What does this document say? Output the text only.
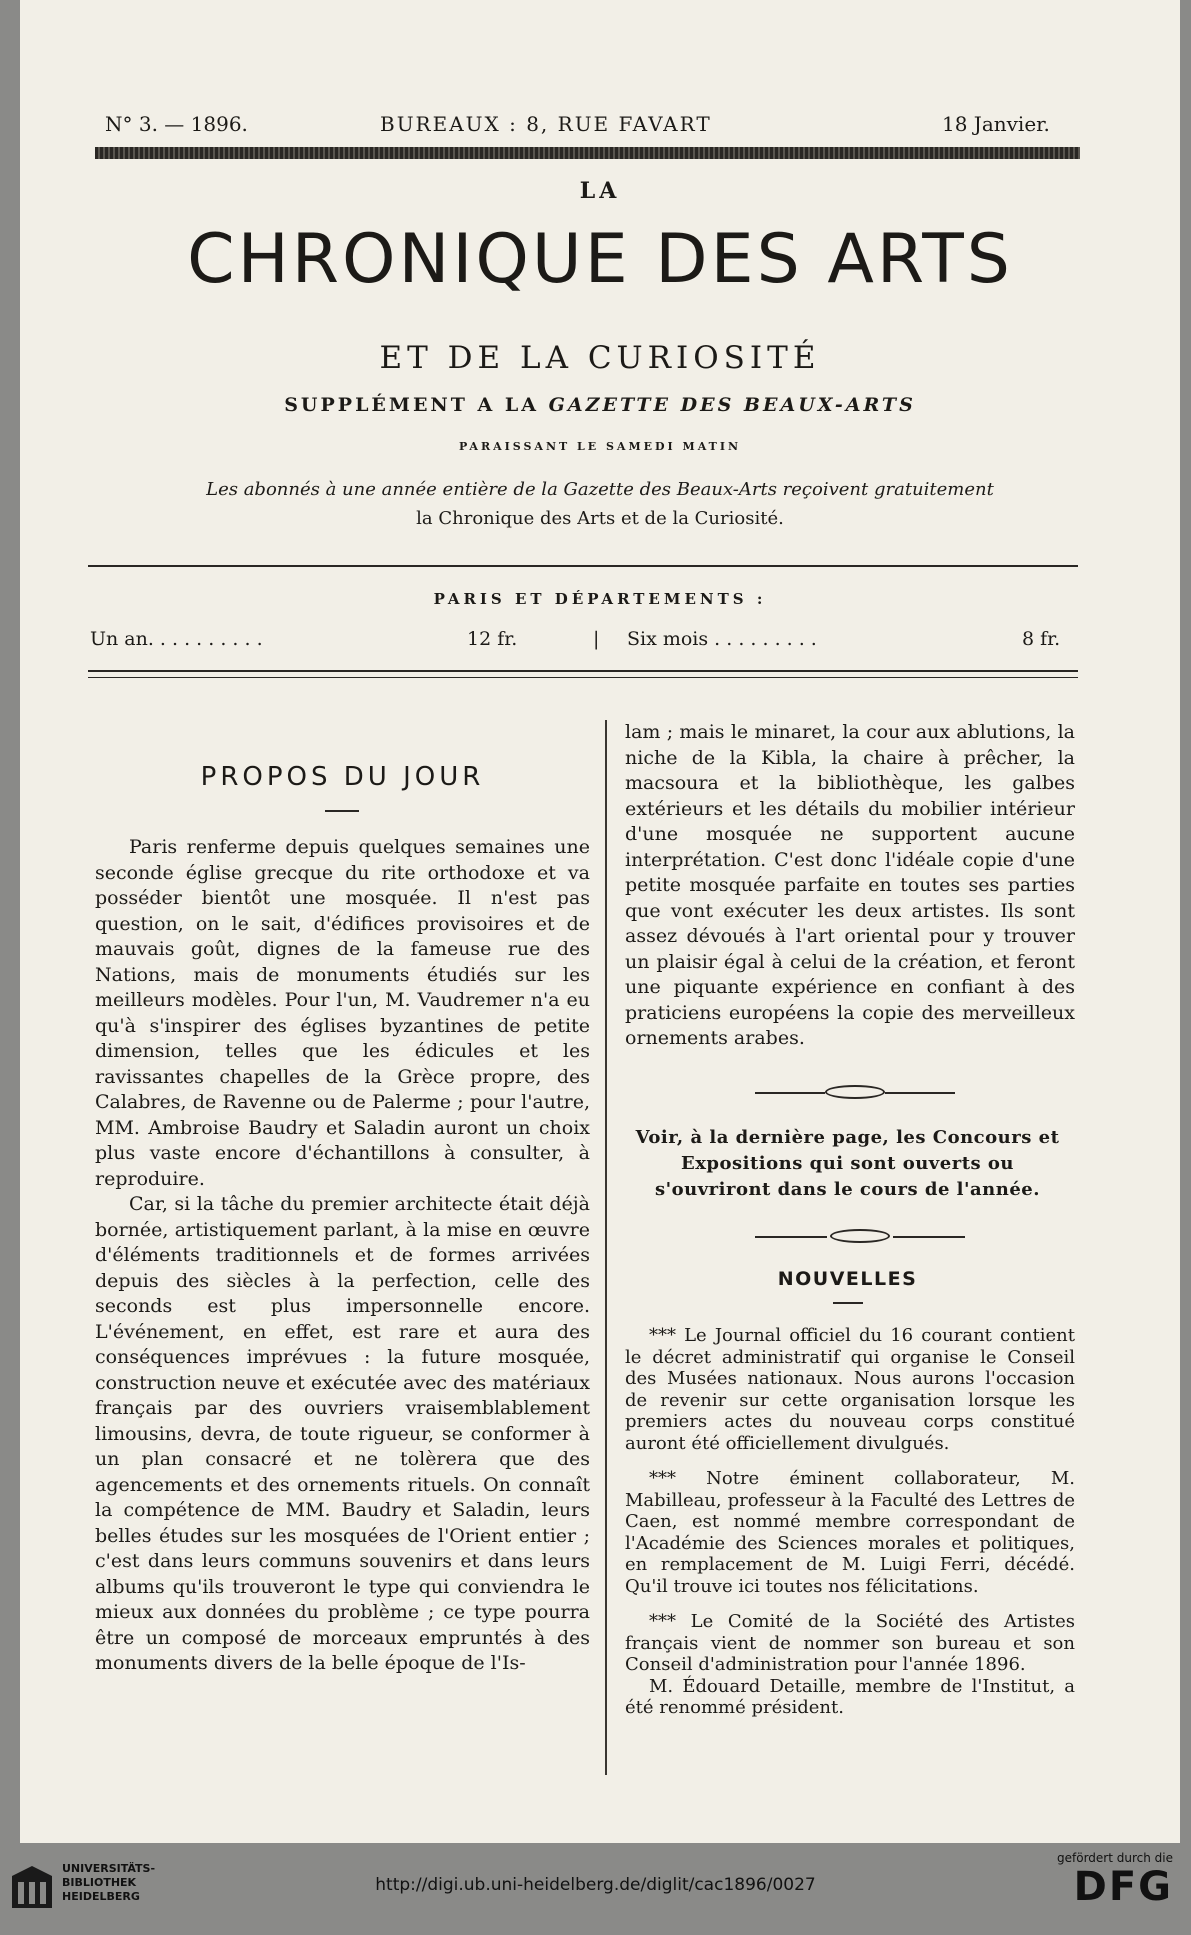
N° 3. — 1896.	BUREAUX : 8, RUE FAVART	18 Janvier.
LA
CHRONIQUE DES ARTS
ET DE LA CURIOSITÉ
SUPPLÉMENT A LA GAZETTE DES BEAUX-ARTS
PARAISSANT LE SAMEDI MATIN
Les abonnés à une année entière de la Gazette des Beaux-Arts reçoivent gratuitement
la Chronique des Arts et de la Curiosité.
PARIS ET DÉPARTEMENTS :
Un an. . . . . . . . . .	12 fr.	| Six mois . . . . . . . . .	8 fr.
PROPOS DU JOUR

Paris renferme depuis quelques semaines une seconde église grecque du rite orthodoxe et va posséder bientôt une mosquée. Il n'est pas question, on le sait, d'édifices provisoires et de mauvais goût, dignes de la fameuse rue des Nations, mais de monuments étudiés sur les meilleurs modèles. Pour l'un, M. Vaudremer n'a eu qu'à s'inspirer des églises byzantines de petite dimension, telles que les édicules et les ravissantes chapelles de la Grèce propre, des Calabres, de Ravenne ou de Palerme ; pour l'autre, MM. Ambroise Baudry et Saladin auront un choix plus vaste encore d'échantillons à consulter, à reproduire.

Car, si la tâche du premier architecte était déjà bornée, artistiquement parlant, à la mise en œuvre d'éléments traditionnels et de formes arrivées depuis des siècles à la perfection, celle des seconds est plus impersonnelle encore. L'événement, en effet, est rare et aura des conséquences imprévues : la future mosquée, construction neuve et exécutée avec des matériaux français par des ouvriers vraisemblablement limousins, devra, de toute rigueur, se conformer à un plan consacré et ne tolèrera que des agencements et des ornements rituels. On connaît la compétence de MM. Baudry et Saladin, leurs belles études sur les mosquées de l'Orient entier ; c'est dans leurs communs souvenirs et dans leurs albums qu'ils trouveront le type qui conviendra le mieux aux données du problème ; ce type pourra être un composé de morceaux empruntés à des monuments divers de la belle époque de l'Is-

lam ; mais le minaret, la cour aux ablutions, la niche de la Kibla, la chaire à prêcher, la macsoura et la bibliothèque, les galbes extérieurs et les détails du mobilier intérieur d'une mosquée ne supportent aucune interprétation. C'est donc l'idéale copie d'une petite mosquée parfaite en toutes ses parties que vont exécuter les deux artistes. Ils sont assez dévoués à l'art oriental pour y trouver un plaisir égal à celui de la création, et feront une piquante expérience en confiant à des praticiens européens la copie des merveilleux ornements arabes.

Voir, à la dernière page, les Concours et Expositions qui sont ouverts ou s'ouvriront dans le cours de l'année.
NOUVELLES

*** Le Journal officiel du 16 courant contient le décret administratif qui organise le Conseil des Musées nationaux. Nous aurons l'occasion de revenir sur cette organisation lorsque les premiers actes du nouveau corps constitué auront été officiellement divulgués.

*** Notre éminent collaborateur, M. Mabilleau, professeur à la Faculté des Lettres de Caen, est nommé membre correspondant de l'Académie des Sciences morales et politiques, en remplacement de M. Luigi Ferri, décédé. Qu'il trouve ici toutes nos félicitations.

*** Le Comité de la Société des Artistes français vient de nommer son bureau et son Conseil d'administration pour l'année 1896.

M. Édouard Detaille, membre de l'Institut, a été renommé président.

UNIVERSITÄTS-
BIBLIOTHEK
HEIDELBERG
http://digi.ub.uni-heidelberg.de/diglit/cac1896/0027
gefördert durch die
DFG
